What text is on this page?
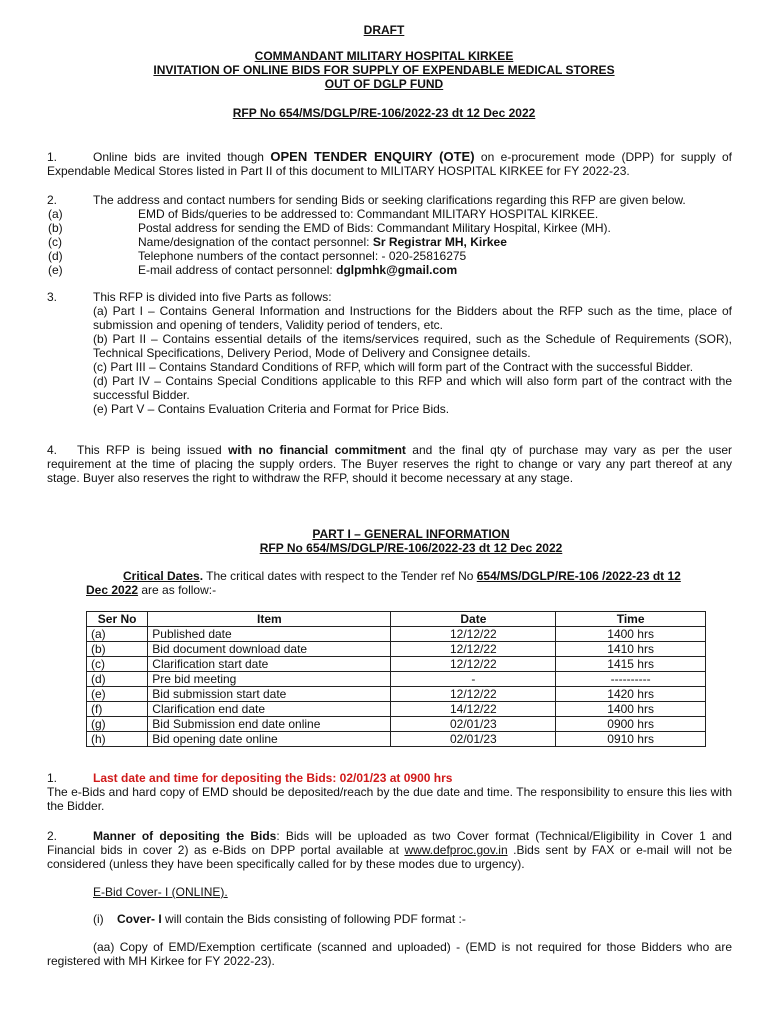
DRAFT
COMMANDANT MILITARY HOSPITAL KIRKEE
INVITATION OF ONLINE BIDS FOR SUPPLY OF EXPENDABLE MEDICAL STORES
OUT OF DGLP FUND
RFP No 654/MS/DGLP/RE-106/2022-23 dt 12 Dec 2022
1.	Online bids are invited though OPEN TENDER ENQUIRY (OTE) on e-procurement mode (DPP) for supply of Expendable Medical Stores listed in Part II of this document to MILITARY HOSPITAL KIRKEE for FY 2022-23.
2.	The address and contact numbers for sending Bids or seeking clarifications regarding this RFP are given below.
(a)	EMD of Bids/queries to be addressed to: Commandant MILITARY HOSPITAL KIRKEE.
(b)	Postal address for sending the EMD of Bids: Commandant Military Hospital, Kirkee (MH).
(c)	Name/designation of the contact personnel: Sr Registrar MH, Kirkee
(d)	Telephone numbers of the contact personnel: - 020-25816275
(e)	E-mail address of contact personnel: dglpmhk@gmail.com
3.	This RFP is divided into five Parts as follows:
(a) Part I – Contains General Information and Instructions for the Bidders about the RFP such as the time, place of submission and opening of tenders, Validity period of tenders, etc.
(b) Part II – Contains essential details of the items/services required, such as the Schedule of Requirements (SOR), Technical Specifications, Delivery Period, Mode of Delivery and Consignee details.
(c) Part III – Contains Standard Conditions of RFP, which will form part of the Contract with the successful Bidder.
(d) Part IV – Contains Special Conditions applicable to this RFP and which will also form part of the contract with the successful Bidder.
(e) Part V – Contains Evaluation Criteria and Format for Price Bids.
4. This RFP is being issued with no financial commitment and the final qty of purchase may vary as per the user requirement at the time of placing the supply orders. The Buyer reserves the right to change or vary any part thereof at any stage. Buyer also reserves the right to withdraw the RFP, should it become necessary at any stage.
PART I – GENERAL INFORMATION
RFP No 654/MS/DGLP/RE-106/2022-23 dt 12 Dec 2022
Critical Dates. The critical dates with respect to the Tender ref No 654/MS/DGLP/RE-106 /2022-23 dt 12 Dec 2022 are as follow:-
Ser No	Item	Date	Time
(a)	Published date	12/12/22	1400 hrs
(b)	Bid document download date	12/12/22	1410 hrs
(c)	Clarification start date	12/12/22	1415 hrs
(d)	Pre bid meeting	-	----------
(e)	Bid submission start date	12/12/22	1420 hrs
(f)	Clarification end date	14/12/22	1400 hrs
(g)	Bid Submission end date online	02/01/23	0900 hrs
(h)	Bid opening date online	02/01/23	0910 hrs
1.	Last date and time for depositing the Bids: 02/01/23 at 0900 hrs
The e-Bids and hard copy of EMD should be deposited/reach by the due date and time. The responsibility to ensure this lies with the Bidder.
2.	Manner of depositing the Bids: Bids will be uploaded as two Cover format (Technical/Eligibility in Cover 1 and Financial bids in cover 2) as e-Bids on DPP portal available at www.defproc.gov.in .Bids sent by FAX or e-mail will not be considered (unless they have been specifically called for by these modes due to urgency).
E-Bid Cover- I (ONLINE).
(i) Cover- I will contain the Bids consisting of following PDF format :-
(aa) Copy of EMD/Exemption certificate (scanned and uploaded) - (EMD is not required for those Bidders who are registered with MH Kirkee for FY 2022-23).
